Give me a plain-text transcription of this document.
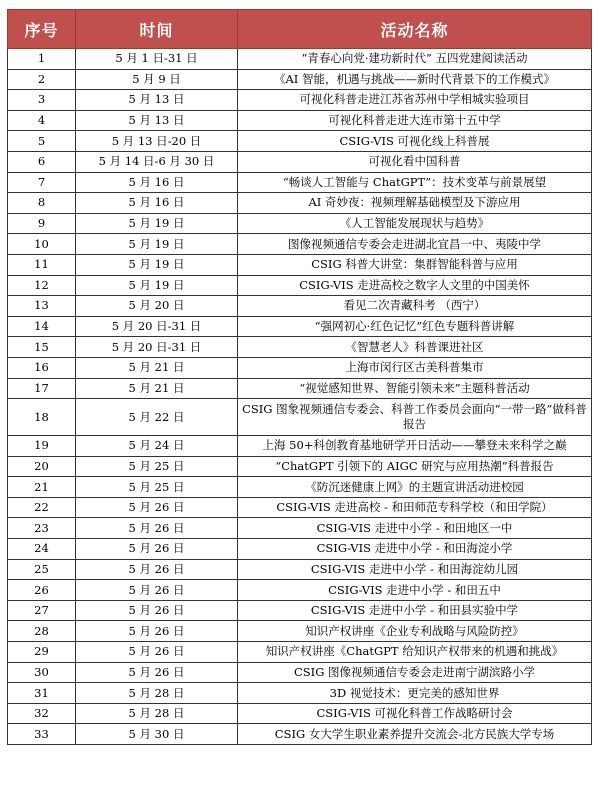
序号	时间	活动名称
1	5 月 1 日-31 日	“青春心向党·建功新时代” 五四党建阅读活动
2	5 月 9 日	《AI 智能，机遇与挑战——新时代背景下的工作模式》
3	5 月 13 日	可视化科普走进江苏省苏州中学相城实验项目
4	5 月 13 日	可视化科普走进大连市第十五中学
5	5 月 13 日-20 日	CSIG-VIS 可视化线上科普展
6	5 月 14 日-6 月 30 日	可视化看中国科普
7	5 月 16 日	“畅谈人工智能与 ChatGPT”：技术变革与前景展望
8	5 月 16 日	AI 奇妙夜：视频理解基础模型及下游应用
9	5 月 19 日	《人工智能发展现状与趋势》
10	5 月 19 日	图像视频通信专委会走进湖北宜昌一中、夷陵中学
11	5 月 19 日	CSIG 科普大讲堂：集群智能科普与应用
12	5 月 19 日	CSIG-VIS 走进高校之数字人文里的中国美怀
13	5 月 20 日	看见二次青藏科考 （西宁）
14	5 月 20 日-31 日	“强网初心·红色记忆”红色专题科普讲解
15	5 月 20 日-31 日	《智慧老人》科普课进社区
16	5 月 21 日	上海市闵行区古美科普集市
17	5 月 21 日	“视觉感知世界、智能引领未来”主题科普活动
18	5 月 22 日	CSIG 图象视频通信专委会、科普工作委员会面向“一带一路”做科普报告
19	5 月 24 日	上海 50+科创教育基地研学开日活动——攀登未来科学之巅
20	5 月 25 日	“ChatGPT 引领下的 AIGC 研究与应用热潮”科普报告
21	5 月 25 日	《防沉迷健康上网》的主题宣讲活动进校园
22	5 月 26 日	CSIG-VIS 走进高校 - 和田师范专科学校（和田学院）
23	5 月 26 日	CSIG-VIS 走进中小学 - 和田地区一中
24	5 月 26 日	CSIG-VIS 走进中小学 - 和田海淀小学
25	5 月 26 日	CSIG-VIS 走进中小学 - 和田海淀幼儿园
26	5 月 26 日	CSIG-VIS 走进中小学 - 和田五中
27	5 月 26 日	CSIG-VIS 走进中小学 - 和田县实验中学
28	5 月 26 日	知识产权讲座《企业专利战略与风险防控》
29	5 月 26 日	知识产权讲座《ChatGPT 给知识产权带来的机遇和挑战》
30	5 月 26 日	CSIG 图像视频通信专委会走进南宁湖滨路小学
31	5 月 28 日	3D 视觉技术：更完美的感知世界
32	5 月 28 日	CSIG-VIS 可视化科普工作战略研讨会
33	5 月 30 日	CSIG 女大学生职业素养提升交流会-北方民族大学专场
